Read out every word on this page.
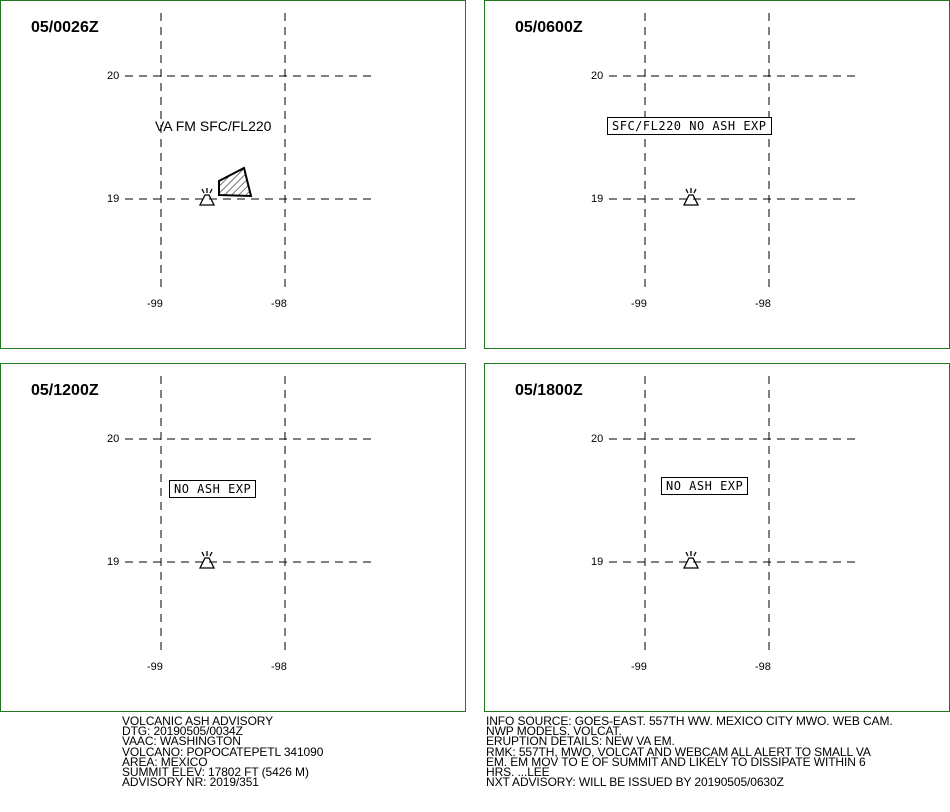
05/0026Z
20
19
-99	-98
VA FM SFC/FL220
05/0600Z
20
19
-99	-98
SFC/FL220 NO ASH EXP
05/1200Z
20
19
-99	-98
NO ASH EXP
05/1800Z
20
19
-99	-98
NO ASH EXP
VOLCANIC ASH ADVISORY
DTG: 20190505/0034Z
VAAC: WASHINGTON
VOLCANO: POPOCATEPETL 341090
AREA: MEXICO
SUMMIT ELEV: 17802 FT (5426 M)
ADVISORY NR: 2019/351
INFO SOURCE: GOES-EAST. 557TH WW. MEXICO CITY MWO. WEB CAM.
NWP MODELS. VOLCAT.
ERUPTION DETAILS: NEW VA EM.
RMK: 557TH, MWO, VOLCAT AND WEBCAM ALL ALERT TO SMALL VA
EM. EM MOV TO E OF SUMMIT AND LIKELY TO DISSIPATE WITHIN 6
HRS. ...LEE
NXT ADVISORY: WILL BE ISSUED BY 20190505/0630Z
